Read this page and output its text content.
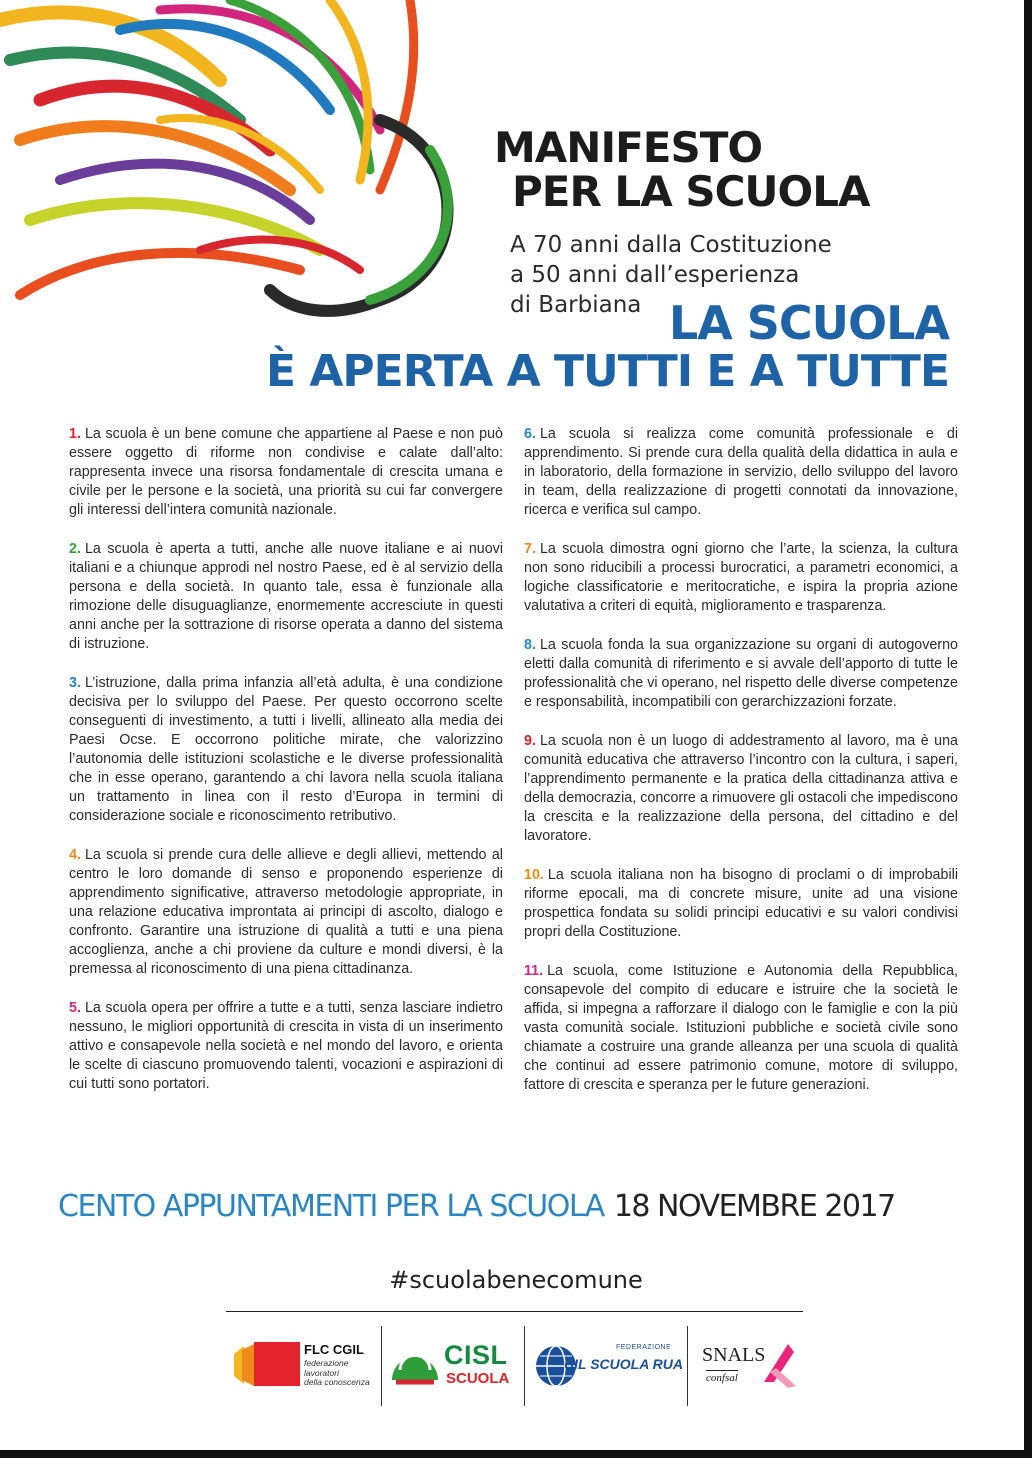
MANIFESTO
PER LA SCUOLA
A 70 anni dalla Costituzione
a 50 anni dall’esperienza
di Barbiana LA SCUOLA
È APERTA A TUTTI E A TUTTE

1. La scuola è un bene comune che appartiene al Paese e non può essere oggetto di riforme non condivise e calate dall’alto: rappresenta invece una risorsa fondamentale di crescita umana e civile per le persone e la società, una priorità su cui far convergere gli interessi dell’intera comunità nazionale.

2. La scuola è aperta a tutti, anche alle nuove italiane e ai nuovi italiani e a chiunque approdi nel nostro Paese, ed è al servizio della persona e della società. In quanto tale, essa è funzionale alla rimozione delle disuguaglianze, enormemente accresciute in questi anni anche per la sottrazione di risorse operata a danno del sistema di istruzione.

3. L’istruzione, dalla prima infanzia all’età adulta, è una condizione decisiva per lo sviluppo del Paese. Per questo occorrono scelte conseguenti di investimento, a tutti i livelli, allineato alla media dei Paesi Ocse. E occorrono politiche mirate, che valorizzino l’autonomia delle istituzioni scolastiche e le diverse professionalità che in esse operano, garantendo a chi lavora nella scuola italiana un trattamento in linea con il resto d’Europa in termini di considerazione sociale e riconoscimento retributivo.

4. La scuola si prende cura delle allieve e degli allievi, mettendo al centro le loro domande di senso e proponendo esperienze di apprendimento significative, attraverso metodologie appropriate, in una relazione educativa improntata ai principi di ascolto, dialogo e confronto. Garantire una istruzione di qualità a tutti e una piena accoglienza, anche a chi proviene da culture e mondi diversi, è la premessa al riconoscimento di una piena cittadinanza.

5. La scuola opera per offrire a tutte e a tutti, senza lasciare indietro nessuno, le migliori opportunità di crescita in vista di un inserimento attivo e consapevole nella società e nel mondo del lavoro, e orienta le scelte di ciascuno promuovendo talenti, vocazioni e aspirazioni di cui tutti sono portatori.

6. La scuola si realizza come comunità professionale e di apprendimento. Si prende cura della qualità della didattica in aula e in laboratorio, della formazione in servizio, dello sviluppo del lavoro in team, della realizzazione di progetti connotati da innovazione, ricerca e verifica sul campo.

7. La scuola dimostra ogni giorno che l’arte, la scienza, la cultura non sono riducibili a processi burocratici, a parametri economici, a logiche classificatorie e meritocratiche, e ispira la propria azione valutativa a criteri di equità, miglioramento e trasparenza.

8. La scuola fonda la sua organizzazione su organi di autogoverno eletti dalla comunità di riferimento e si avvale dell’apporto di tutte le professionalità che vi operano, nel rispetto delle diverse competenze e responsabilità, incompatibili con gerarchizzazioni forzate.

9. La scuola non è un luogo di addestramento al lavoro, ma è una comunità educativa che attraverso l’incontro con la cultura, i saperi, l’apprendimento permanente e la pratica della cittadinanza attiva e della democrazia, concorre a rimuovere gli ostacoli che impediscono la crescita e la realizzazione della persona, del cittadino e del lavoratore.

10. La scuola italiana non ha bisogno di proclami o di improbabili riforme epocali, ma di concrete misure, unite ad una visione prospettica fondata su solidi principi educativi e su valori condivisi propri della Costituzione.

11. La scuola, come Istituzione e Autonomia della Repubblica, consapevole del compito di educare e istruire che la società le affida, si impegna a rafforzare il dialogo con le famiglie e con la più vasta comunità sociale. Istituzioni pubbliche e società civile sono chiamate a costruire una grande alleanza per una scuola di qualità che continui ad essere patrimonio comune, motore di sviluppo, fattore di crescita e speranza per le future generazioni.

CENTO APPUNTAMENTI PER LA SCUOLA 18 NOVEMBRE 2017
#scuolabenecomune
FLC CGIL
federazione
lavoratori
della conoscenza
CISL
SCUOLA
FEDERAZIONE
UIL SCUOLA RUA SNALS
confsal
